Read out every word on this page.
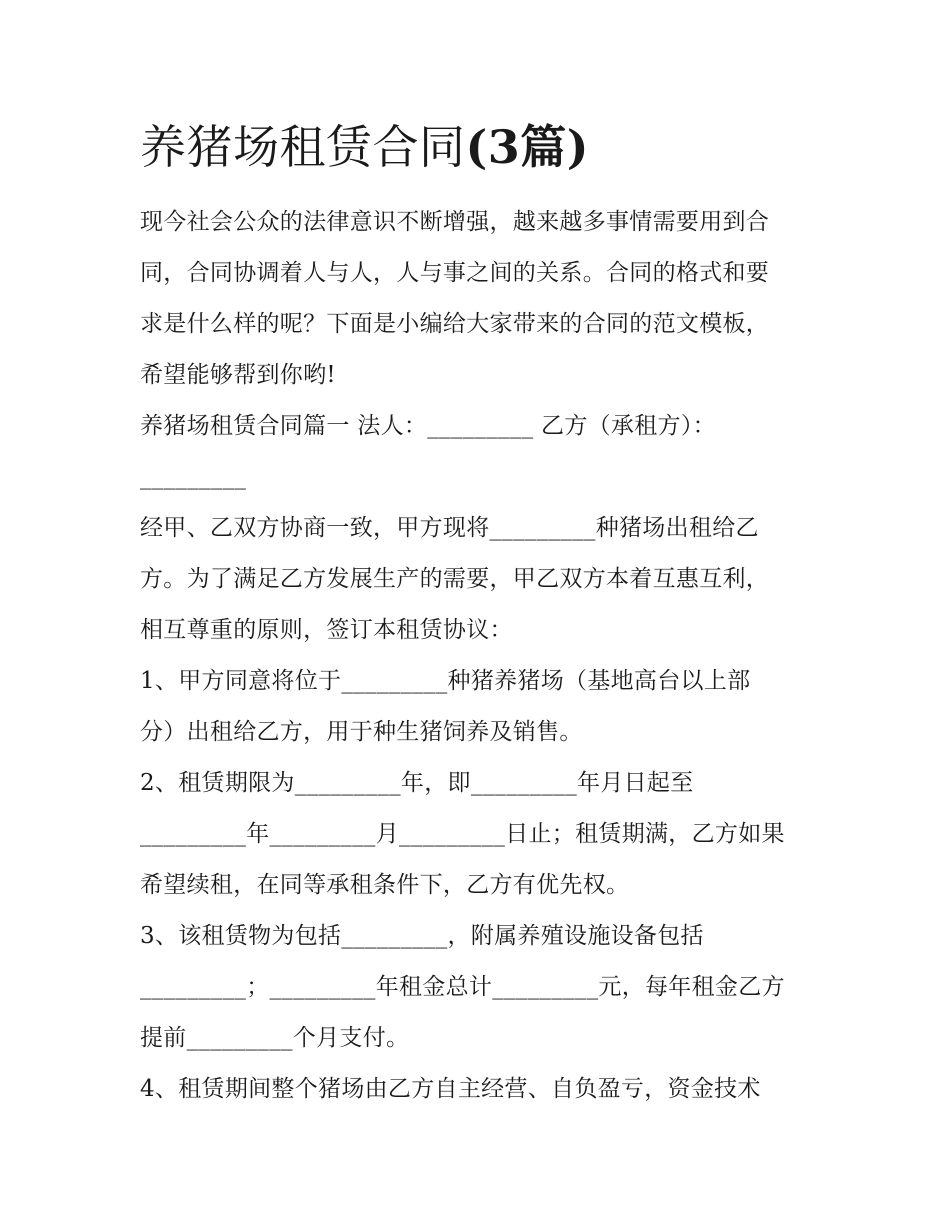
养猪场租赁合同(3篇)
现今社会公众的法律意识不断增强，越来越多事情需要用到合
同，合同协调着人与人，人与事之间的关系。合同的格式和要
求是什么样的呢？下面是小编给大家带来的合同的范文模板，
希望能够帮到你哟!
养猪场租赁合同篇一 法人：_________ 乙方（承租方）：
_________
经甲、乙双方协商一致，甲方现将_________种猪场出租给乙
方。为了满足乙方发展生产的需要，甲乙双方本着互惠互利，
相互尊重的原则，签订本租赁协议：
1、甲方同意将位于_________种猪养猪场（基地高台以上部
分）出租给乙方，用于种生猪饲养及销售。
2、租赁期限为_________年，即_________年月日起至
_________年_________月_________日止；租赁期满，乙方如果
希望续租，在同等承租条件下，乙方有优先权。
3、该租赁物为包括_________，附属养殖设施设备包括
_________；_________年租金总计_________元，每年租金乙方
提前_________个月支付。
4、租赁期间整个猪场由乙方自主经营、自负盈亏，资金技术
